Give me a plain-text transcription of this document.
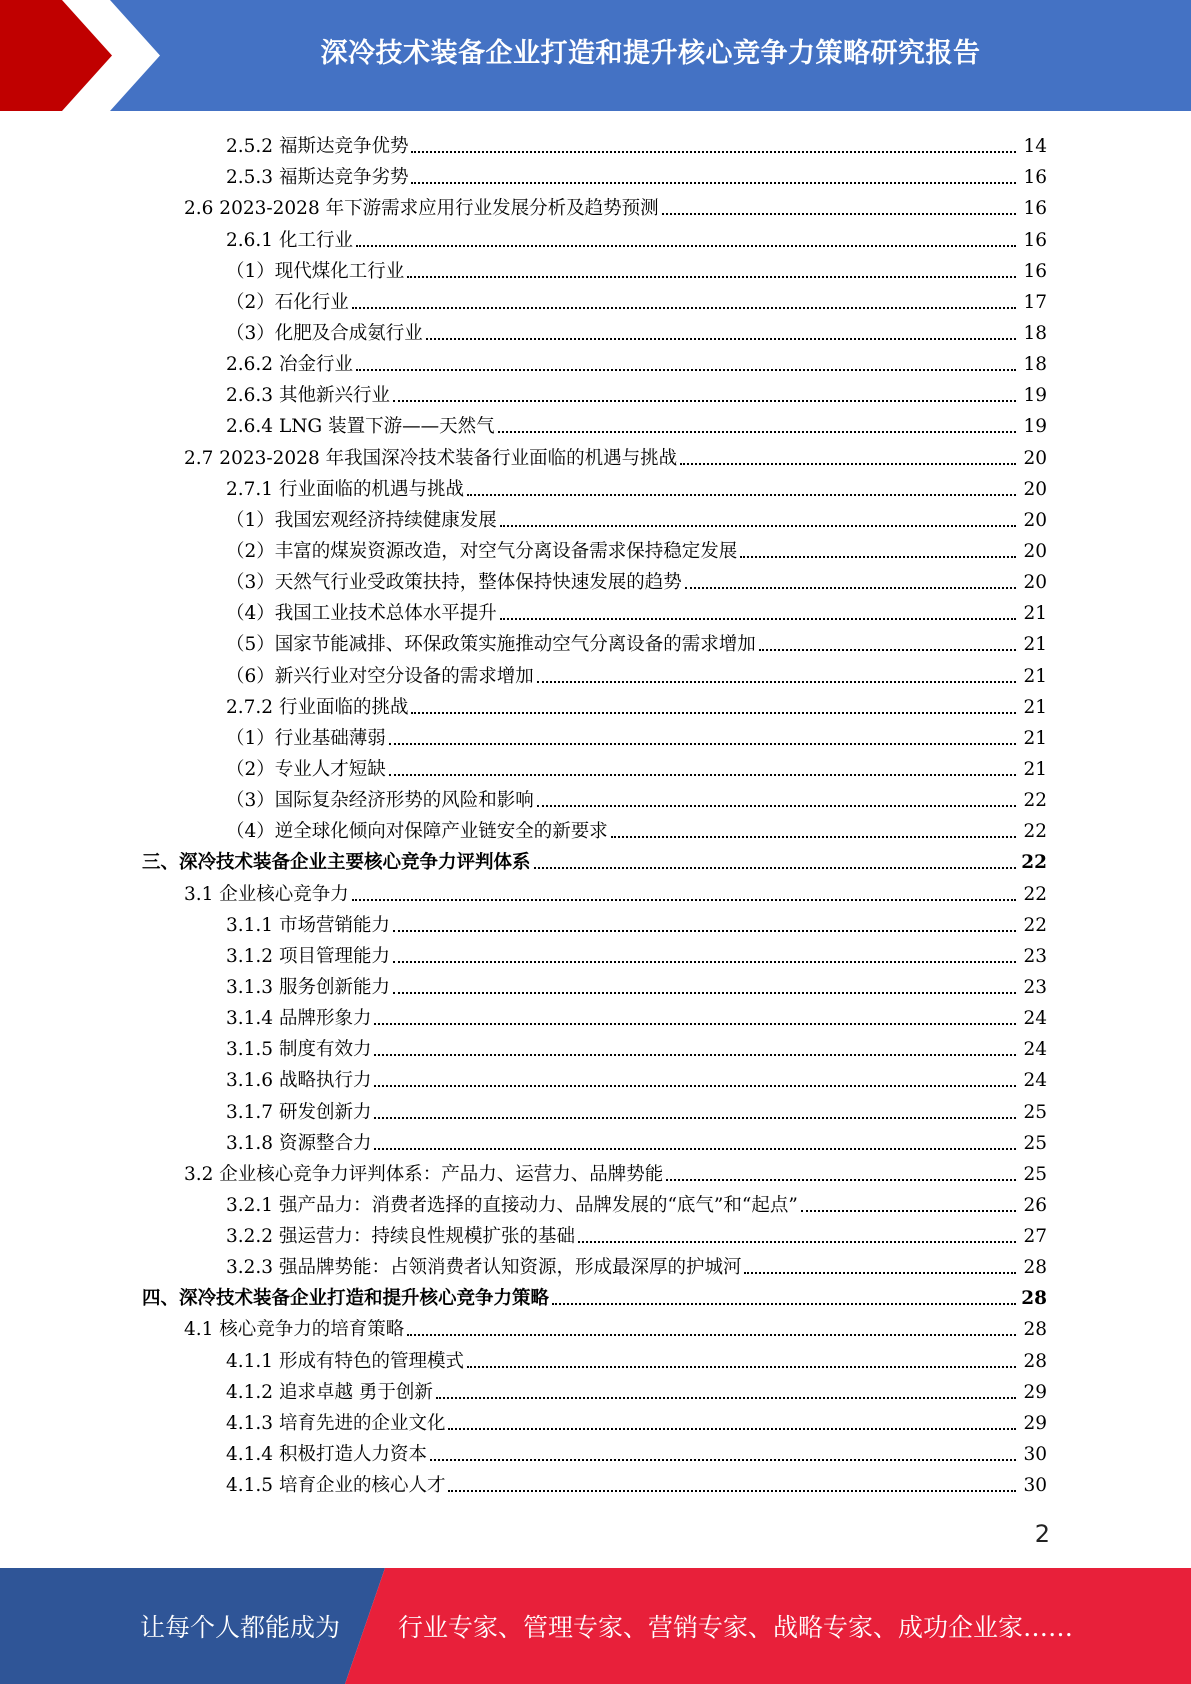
深冷技术装备企业打造和提升核心竞争力策略研究报告
2.5.2 福斯达竞争优势	14
2.5.3 福斯达竞争劣势	16
2.6 2023-2028 年下游需求应用行业发展分析及趋势预测	16
2.6.1 化工行业	16
（1）现代煤化工行业	16
（2）石化行业	17
（3）化肥及合成氨行业	18
2.6.2 冶金行业	18
2.6.3 其他新兴行业	19
2.6.4 LNG 装置下游——天然气	19
2.7 2023-2028 年我国深冷技术装备行业面临的机遇与挑战	20
2.7.1 行业面临的机遇与挑战	20
（1）我国宏观经济持续健康发展	20
（2）丰富的煤炭资源改造，对空气分离设备需求保持稳定发展	20
（3）天然气行业受政策扶持，整体保持快速发展的趋势	20
（4）我国工业技术总体水平提升	21
（5）国家节能减排、环保政策实施推动空气分离设备的需求增加	21
（6）新兴行业对空分设备的需求增加	21
2.7.2 行业面临的挑战	21
（1）行业基础薄弱	21
（2）专业人才短缺	21
（3）国际复杂经济形势的风险和影响	22
（4）逆全球化倾向对保障产业链安全的新要求	22
三、深冷技术装备企业主要核心竞争力评判体系	22
3.1 企业核心竞争力	22
3.1.1 市场营销能力	22
3.1.2 项目管理能力	23
3.1.3 服务创新能力	23
3.1.4 品牌形象力	24
3.1.5 制度有效力	24
3.1.6 战略执行力	24
3.1.7 研发创新力	25
3.1.8 资源整合力	25
3.2 企业核心竞争力评判体系：产品力、运营力、品牌势能	25
3.2.1 强产品力：消费者选择的直接动力、品牌发展的“底气”和“起点”	26
3.2.2 强运营力：持续良性规模扩张的基础	27
3.2.3 强品牌势能：占领消费者认知资源，形成最深厚的护城河	28
四、深冷技术装备企业打造和提升核心竞争力策略	28
4.1 核心竞争力的培育策略	28
4.1.1 形成有特色的管理模式	28
4.1.2 追求卓越 勇于创新	29
4.1.3 培育先进的企业文化	29
4.1.4 积极打造人力资本	30
4.1.5 培育企业的核心人才	30
2
让每个人都能成为 行业专家、管理专家、营销专家、战略专家、成功企业家……
